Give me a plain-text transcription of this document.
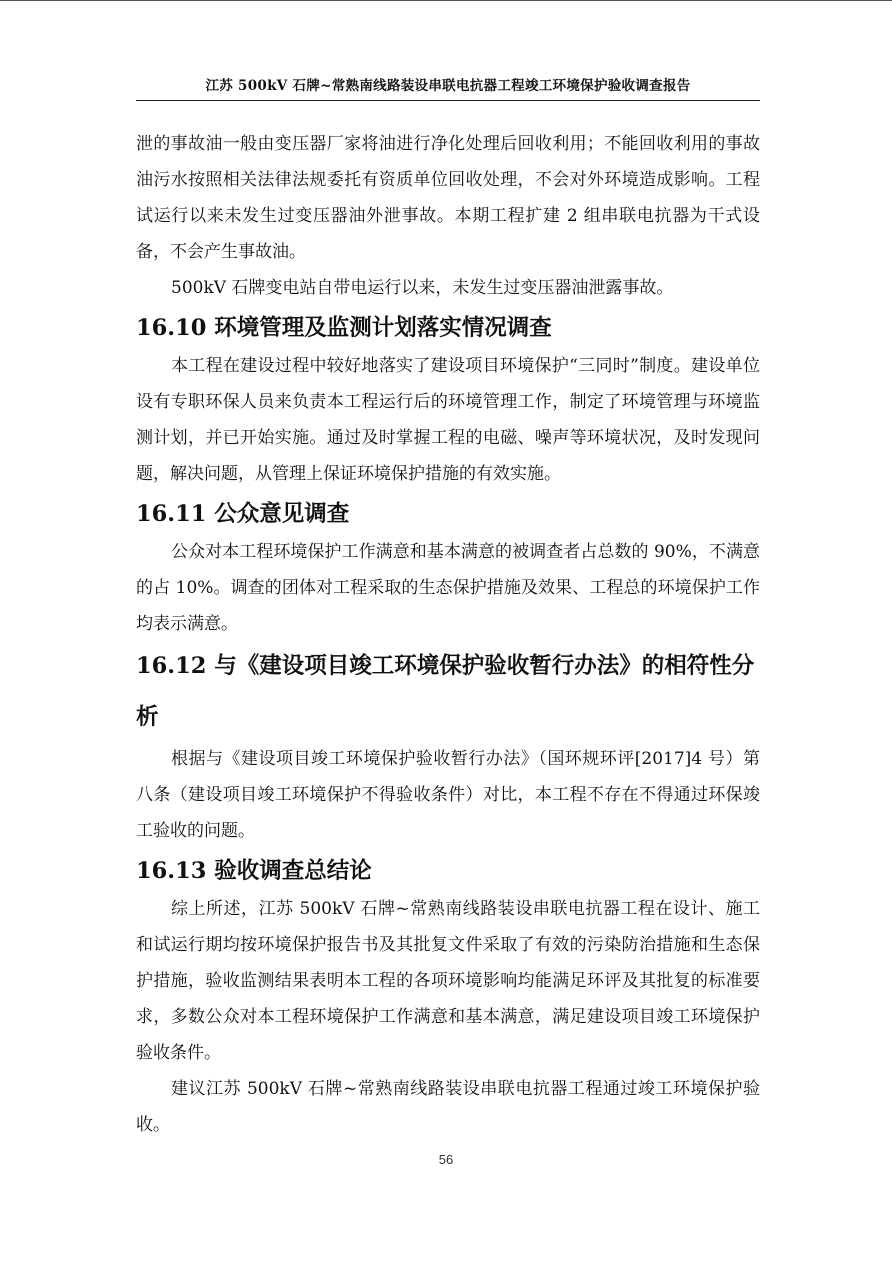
江苏 500kV 石牌~常熟南线路装设串联电抗器工程竣工环境保护验收调查报告

泄的事故油一般由变压器厂家将油进行净化处理后回收利用；不能回收利用的事故油污水按照相关法律法规委托有资质单位回收处理，不会对外环境造成影响。工程试运行以来未发生过变压器油外泄事故。本期工程扩建 2 组串联电抗器为干式设备，不会产生事故油。

500kV 石牌变电站自带电运行以来，未发生过变压器油泄露事故。

16.10 环境管理及监测计划落实情况调查

本工程在建设过程中较好地落实了建设项目环境保护“三同时”制度。建设单位设有专职环保人员来负责本工程运行后的环境管理工作，制定了环境管理与环境监测计划，并已开始实施。通过及时掌握工程的电磁、噪声等环境状况，及时发现问题，解决问题，从管理上保证环境保护措施的有效实施。

16.11 公众意见调查

公众对本工程环境保护工作满意和基本满意的被调查者占总数的 90%，不满意的占 10%。调查的团体对工程采取的生态保护措施及效果、工程总的环境保护工作均表示满意。

16.12 与《建设项目竣工环境保护验收暂行办法》的相符性分析

根据与《建设项目竣工环境保护验收暂行办法》（国环规环评[2017]4 号）第八条（建设项目竣工环境保护不得验收条件）对比，本工程不存在不得通过环保竣工验收的问题。

16.13 验收调查总结论

综上所述，江苏 500kV 石牌~常熟南线路装设串联电抗器工程在设计、施工和试运行期均按环境保护报告书及其批复文件采取了有效的污染防治措施和生态保护措施，验收监测结果表明本工程的各项环境影响均能满足环评及其批复的标准要求，多数公众对本工程环境保护工作满意和基本满意，满足建设项目竣工环境保护验收条件。

建议江苏 500kV 石牌~常熟南线路装设串联电抗器工程通过竣工环境保护验收。

56
